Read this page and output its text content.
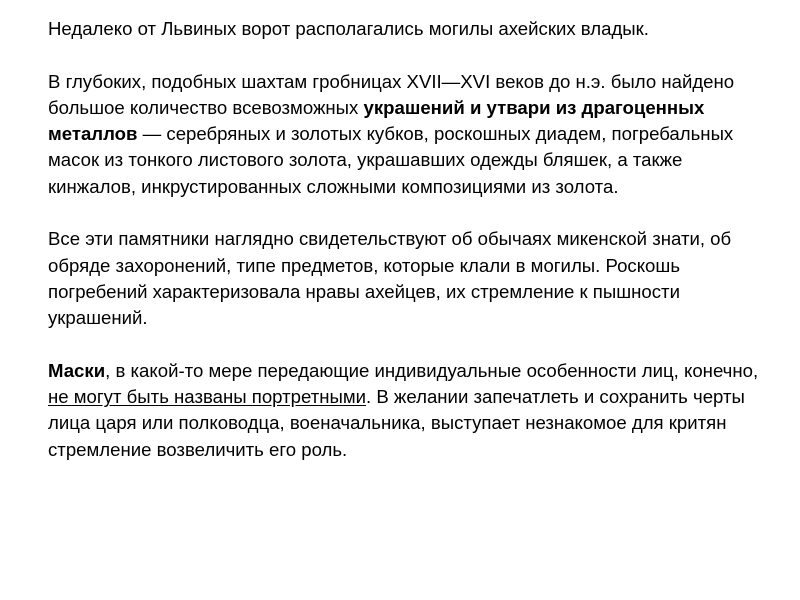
Недалеко от Львиных ворот располагались могилы ахейских владык.

В глубоких, подобных шахтам гробницах XVII—XVI веков до н.э. было найдено большое количество всевозможных украшений и утвари из драгоценных металлов — серебряных и золотых кубков, роскошных диадем, погребальных масок из тонкого листового золота, украшавших одежды бляшек, а также кинжалов, инкрустированных сложными композициями из золота.

Все эти памятники наглядно свидетельствуют об обычаях микенской знати, об обряде захоронений, типе предметов, которые клали в могилы. Роскошь погребений характеризовала нравы ахейцев, их стремление к пышности украшений.

Маски, в какой-то мере передающие индивидуальные особенности лиц, конечно, не могут быть названы портретными. В желании запечатлеть и сохранить черты лица царя или полководца, военачальника, выступает незнакомое для критян стремление возвеличить его роль.
